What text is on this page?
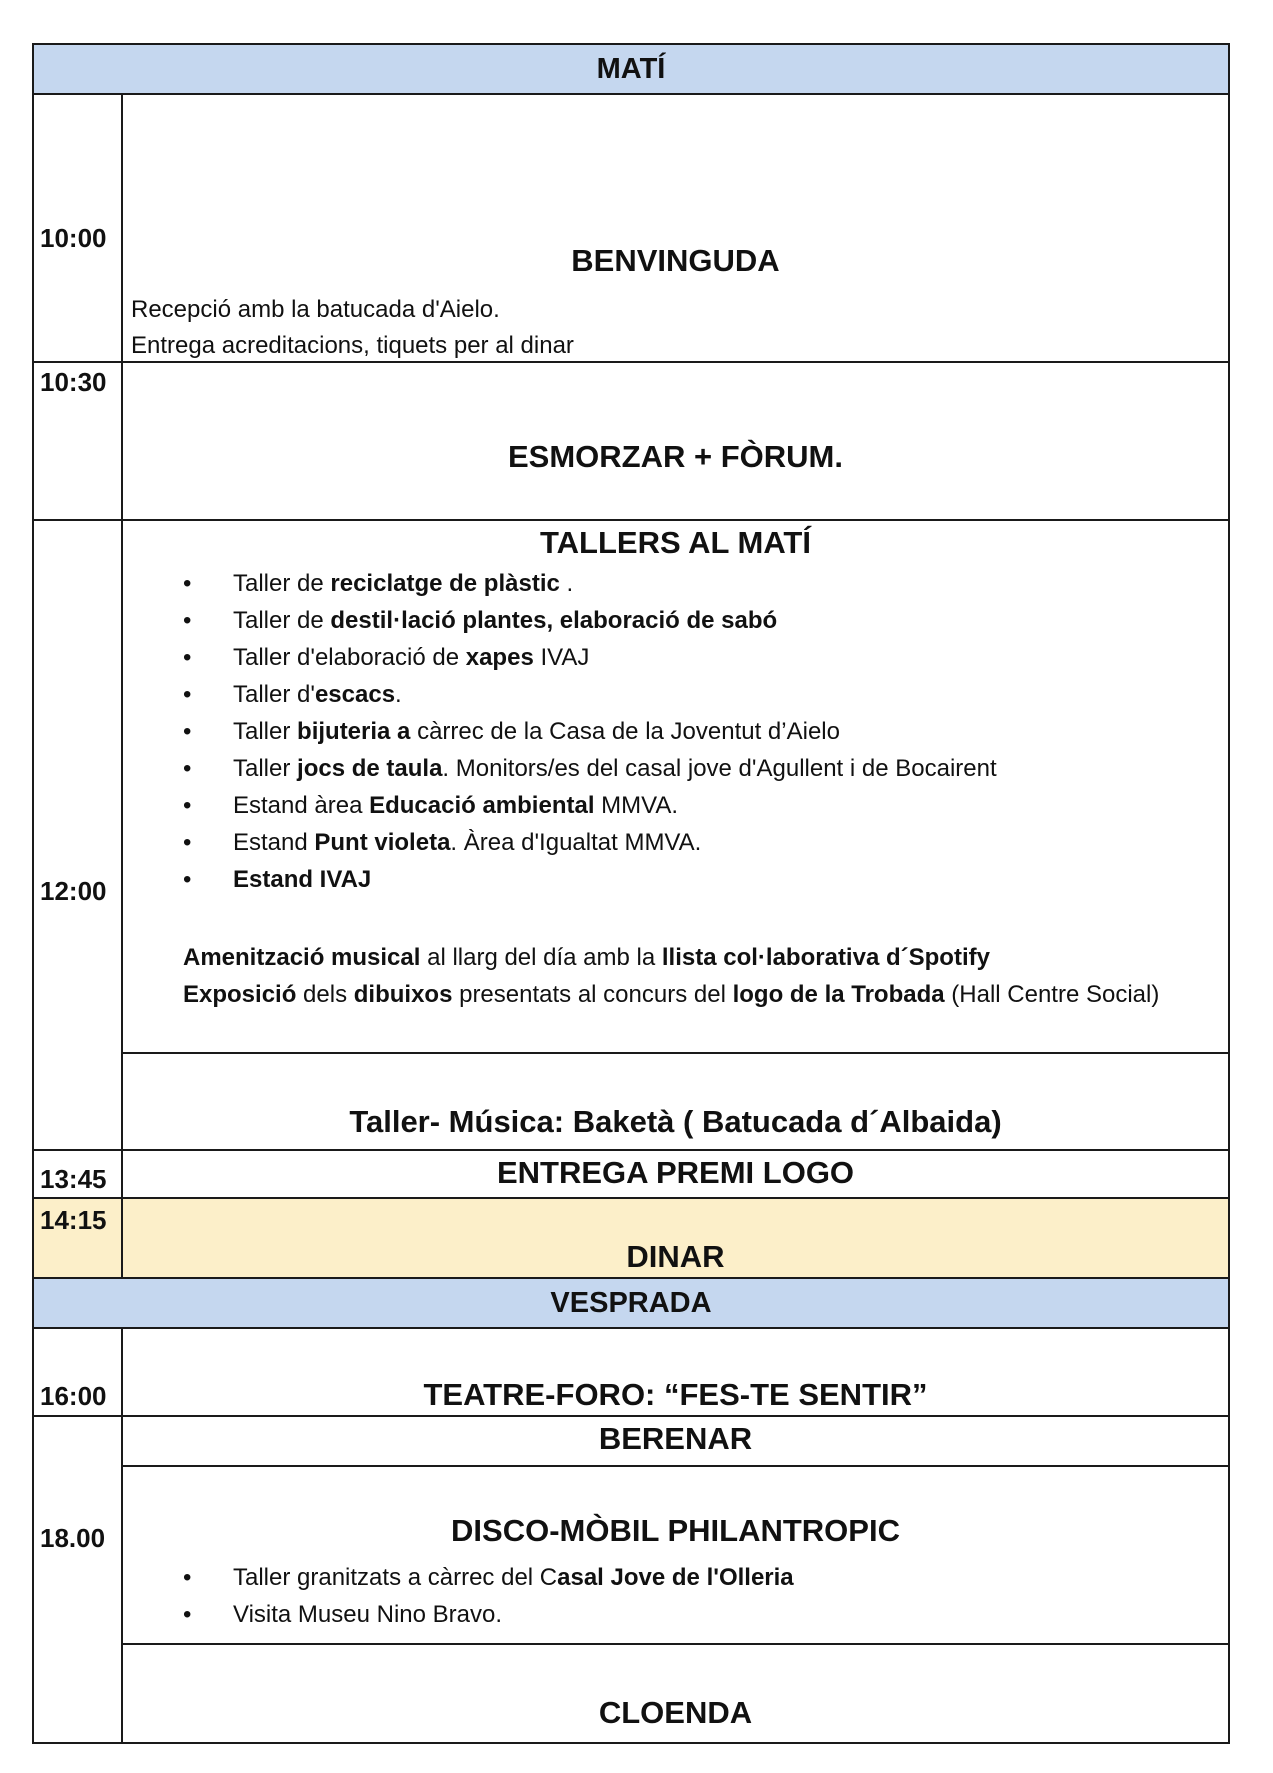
MATÍ
10:00
BENVINGUDA
Recepció amb la batucada d'Aielo.
Entrega acreditacions, tiquets per al dinar
10:30
ESMORZAR + FÒRUM.
12:00
TALLERS AL MATÍ
• Taller de reciclatge de plàstic .
• Taller de destil·lació plantes, elaboració de sabó
• Taller d'elaboració de xapes IVAJ
• Taller d'escacs.
• Taller bijuteria a càrrec de la Casa de la Joventut d’Aielo
• Taller jocs de taula. Monitors/es del casal jove d'Agullent i de Bocairent
• Estand àrea Educació ambiental MMVA.
• Estand Punt violeta. Àrea d'Igualtat MMVA.
• Estand IVAJ
Amenització musical al llarg del día amb la llista col·laborativa d´Spotify
Exposició dels dibuixos presentats al concurs del logo de la Trobada (Hall Centre Social)
Taller- Música: Baketà ( Batucada d´Albaida)
13:45	ENTREGA PREMI LOGO
14:15
DINAR
VESPRADA
16:00	TEATRE-FORO: “FES-TE SENTIR”
18.00
BERENAR
DISCO-MÒBIL PHILANTROPIC
• Taller granitzats a càrrec del Casal Jove de l'Olleria
• Visita Museu Nino Bravo.
CLOENDA
